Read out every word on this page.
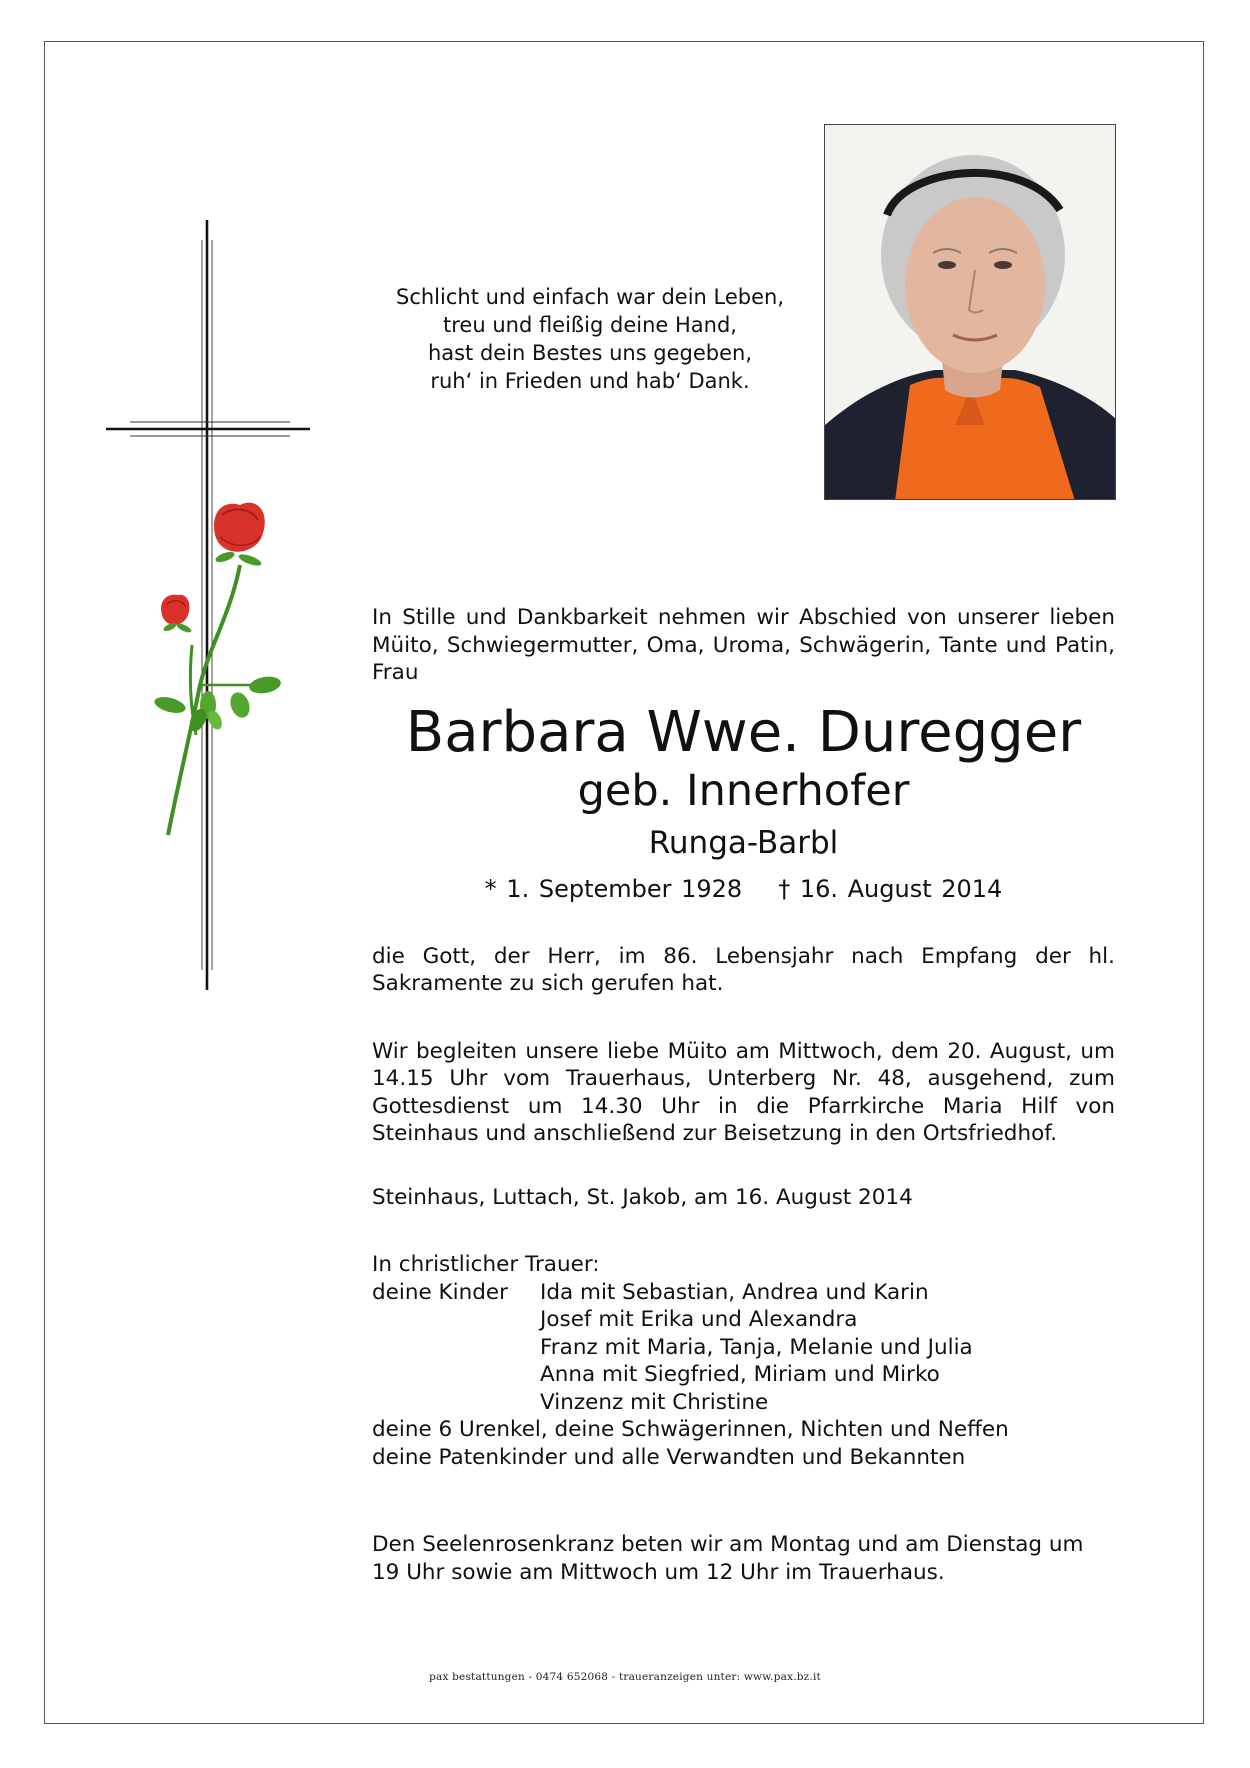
Schlicht und einfach war dein Leben,
treu und fleißig deine Hand,
hast dein Bestes uns gegeben,
ruh‘ in Frieden und hab‘ Dank.
In Stille und Dankbarkeit nehmen wir Abschied von unserer lieben Müito, Schwiegermutter, Oma, Uroma, Schwägerin, Tante und Patin, Frau
Barbara Wwe. Duregger
geb. Innerhofer
Runga-Barbl
* 1. September 1928 † 16. August 2014
die Gott, der Herr, im 86. Lebensjahr nach Empfang der hl. Sakramente zu sich gerufen hat.
Wir begleiten unsere liebe Müito am Mittwoch, dem 20. August, um 14.15 Uhr vom Trauerhaus, Unterberg Nr. 48, ausgehend, zum Gottesdienst um 14.30 Uhr in die Pfarrkirche Maria Hilf von Steinhaus und anschließend zur Beisetzung in den Ortsfriedhof.
Steinhaus, Luttach, St. Jakob, am 16. August 2014
In christlicher Trauer:
deine Kinder	Ida mit Sebastian, Andrea und Karin
Josef mit Erika und Alexandra
Franz mit Maria, Tanja, Melanie und Julia
Anna mit Siegfried, Miriam und Mirko
Vinzenz mit Christine
deine 6 Urenkel, deine Schwägerinnen, Nichten und Neffen
deine Patenkinder und alle Verwandten und Bekannten
Den Seelenrosenkranz beten wir am Montag und am Dienstag um 19 Uhr sowie am Mittwoch um 12 Uhr im Trauerhaus.
pax bestattungen - 0474 652068 - traueranzeigen unter: www.pax.bz.it
